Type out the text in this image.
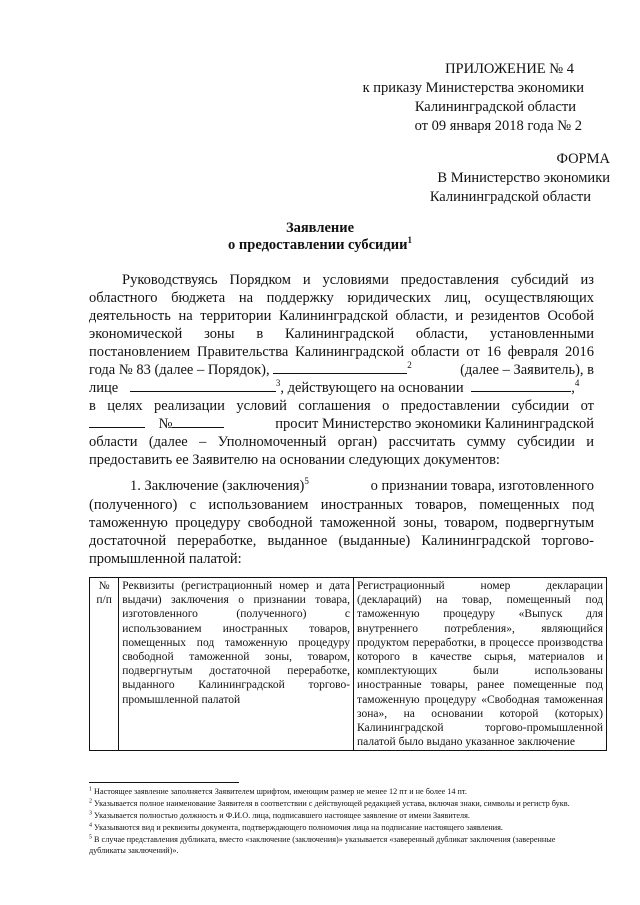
ПРИЛОЖЕНИЕ № 4
к приказу Министерства экономики
Калининградской области
от 09 января 2018 года № 2
ФОРМА
В Министерство экономики
Калининградской области
Заявление
о предоставлении субсидии$^1$
Руководствуясь Порядком и условиями предоставления субсидий из
областного бюджета на поддержку юридических лиц, осуществляющих
деятельность на территории Калининградской области, и резидентов Особой
экономической зоны в Калининградской области, установленными
постановлением Правительства Калининградской области от 16 февраля 2016
года № 83 (далее – Порядок),	$^2$	(далее – Заявитель), в
лице	$^3$, действующего на основании	,$^4$
в целях реализации условий соглашения о предоставлении субсидии от
№	просит Министерство экономики Калининградской
области (далее – Уполномоченный орган) рассчитать сумму субсидии и
предоставить ее Заявителю на основании следующих документов:
1. Заключение (заключения)$^5$	о признании товара, изготовленного
(полученного) с использованием иностранных товаров, помещенных под
таможенную процедуру свободной таможенной зоны, товаром, подвергнутым
достаточной переработке, выданное (выданные) Калининградской торгово-
промышленной палатой:
№ п/п	Реквизиты (регистрационный номер и дата выдачи) заключения о признании товара, изготовленного (полученного) с использованием иностранных товаров, помещенных под таможенную процедуру свободной таможенной зоны, товаром, подвергнутым достаточной переработке, выданного Калининградской торгово-промышленной палатой	Регистрационный номер декларации (деклараций) на товар, помещенный под таможенную процедуру «Выпуск для внутреннего потребления», являющийся продуктом переработки, в процессе производства которого в качестве сырья, материалов и комплектующих были использованы иностранные товары, ранее помещенные под таможенную процедуру «Свободная таможенная зона», на основании которой (которых) Калининградской торгово-промышленной палатой было выдано указанное заключение
$^1$ Настоящее заявление заполняется Заявителем шрифтом, имеющим размер не менее 12 пт и не более 14 пт.
$^2$ Указывается полное наименование Заявителя в соответствии с действующей редакцией устава, включая знаки, символы и регистр букв.
$^3$ Указывается полностью должность и Ф.И.О. лица, подписавшего настоящее заявление от имени Заявителя.
$^4$ Указываются вид и реквизиты документа, подтверждающего полномочия лица на подписание настоящего заявления.
$^5$ В случае представления дубликата, вместо «заключение (заключения)» указывается «заверенный дубликат заключения (заверенные дубликаты заключений)».
